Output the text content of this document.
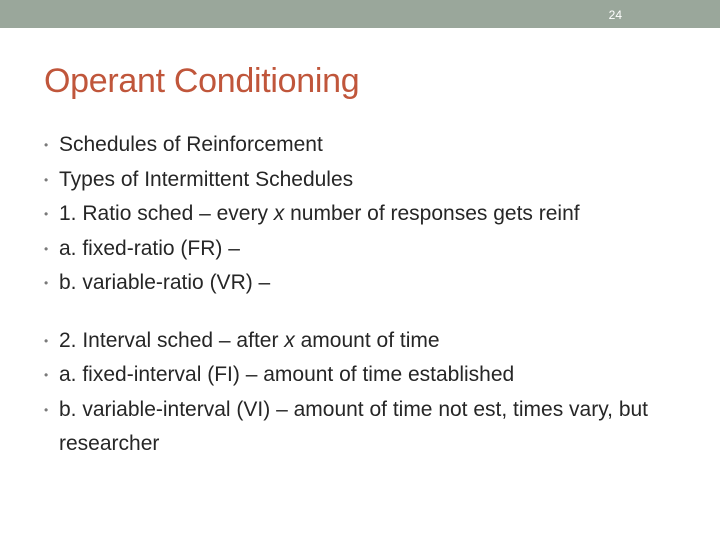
24
Operant Conditioning
• Schedules of Reinforcement
• Types of Intermittent Schedules
• 1. Ratio sched – every x number of responses gets reinf
• a. fixed-ratio (FR) –
• b. variable-ratio (VR) –
• 2. Interval sched – after x amount of time
• a. fixed-interval (FI) – amount of time established
• b. variable-interval (VI) – amount of time not est, times vary, but researcher
